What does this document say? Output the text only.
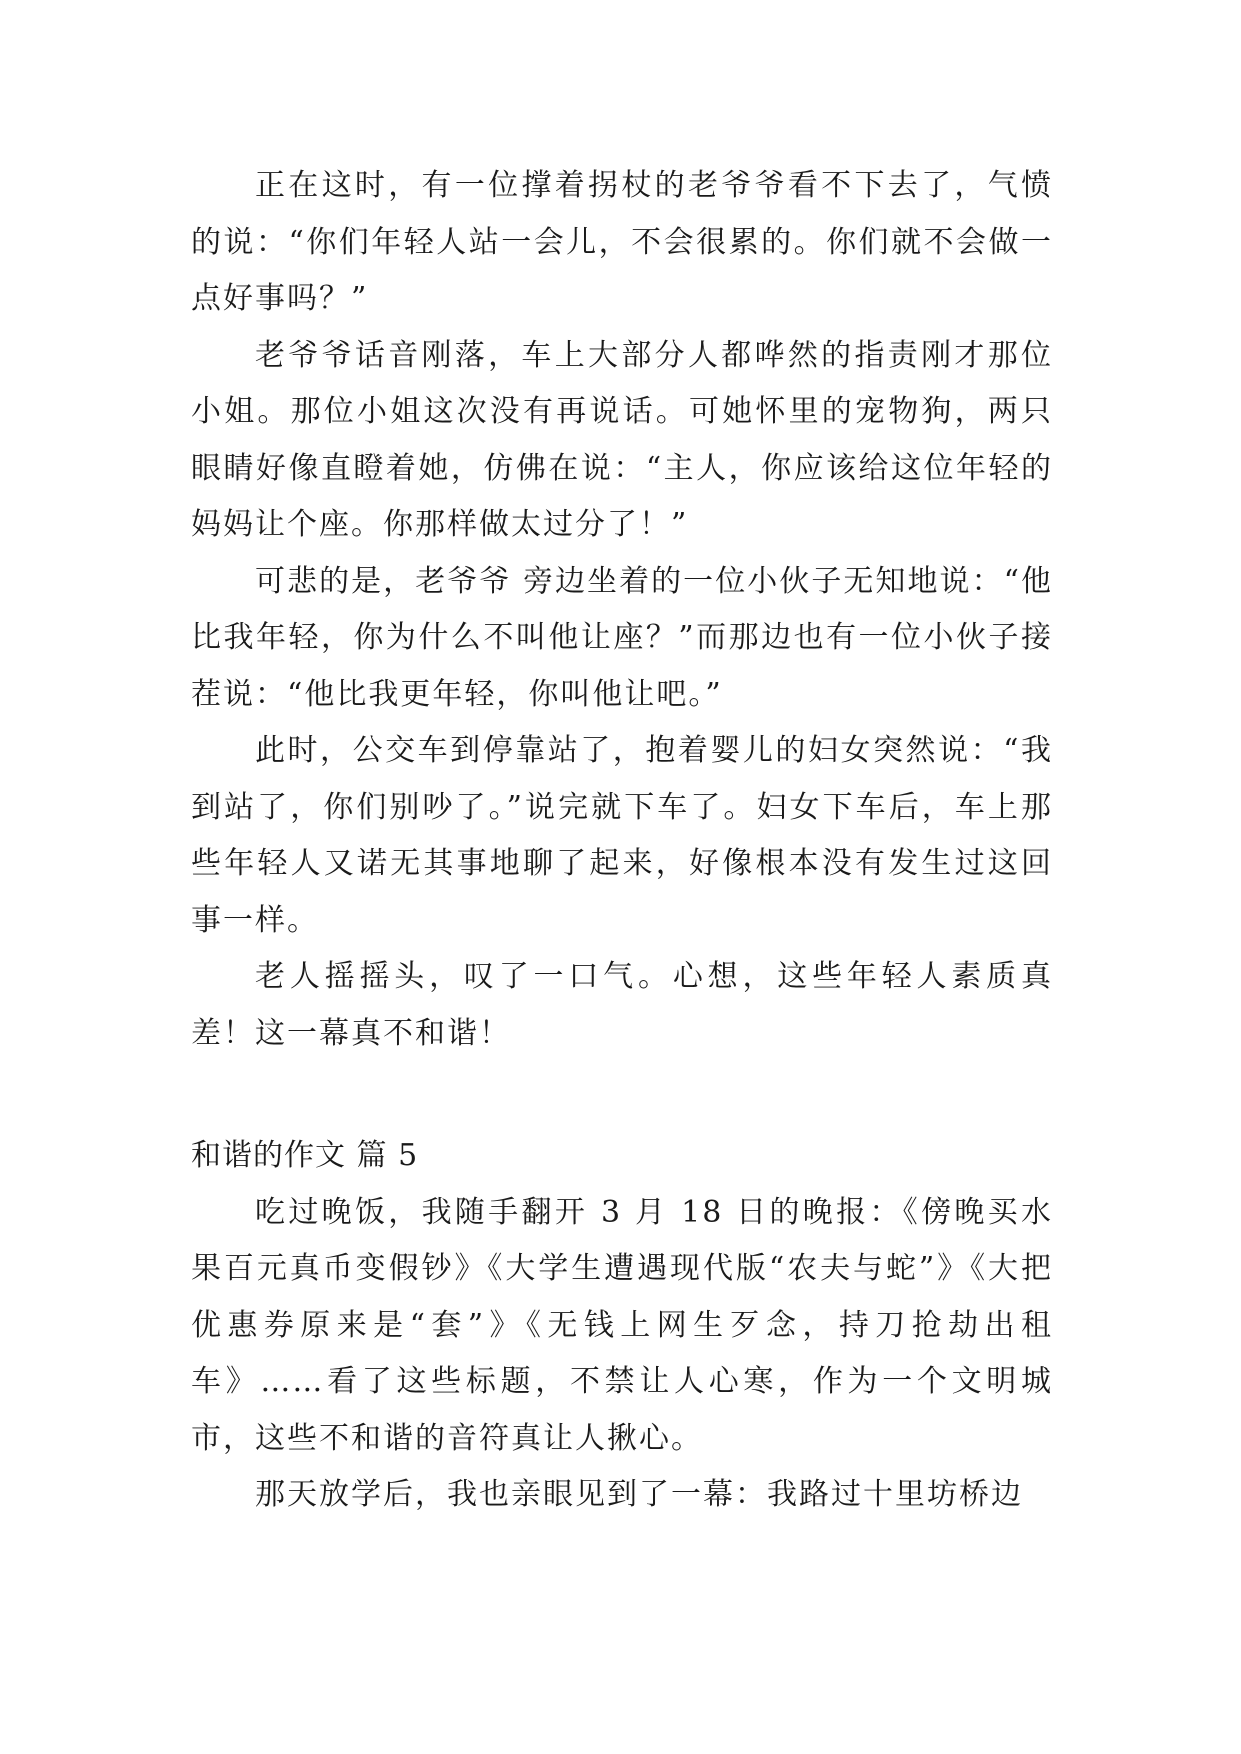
正在这时，有一位撑着拐杖的老爷爷看不下去了，气愤的说：“你们年轻人站一会儿，不会很累的。你们就不会做一点好事吗？”

老爷爷话音刚落，车上大部分人都哗然的指责刚才那位小姐。那位小姐这次没有再说话。可她怀里的宠物狗，两只眼睛好像直瞪着她，仿佛在说：“主人，你应该给这位年轻的妈妈让个座。你那样做太过分了！”

可悲的是，老爷爷 旁边坐着的一位小伙子无知地说：“他比我年轻，你为什么不叫他让座？”而那边也有一位小伙子接茬说：“他比我更年轻，你叫他让吧。”

此时，公交车到停靠站了，抱着婴儿的妇女突然说：“我到站了，你们别吵了。”说完就下车了。妇女下车后，车上那些年轻人又诺无其事地聊了起来，好像根本没有发生过这回事一样。

老人摇摇头，叹了一口气。心想，这些年轻人素质真差！这一幕真不和谐！

和谐的作文 篇 5

吃过晚饭，我随手翻开 3 月 18 日的晚报：《傍晚买水果百元真币变假钞》《大学生遭遇现代版“农夫与蛇”》《大把优惠券原来是“套”》《无钱上网生歹念，持刀抢劫出租车》……看了这些标题，不禁让人心寒，作为一个文明城市，这些不和谐的音符真让人揪心。

那天放学后，我也亲眼见到了一幕：我路过十里坊桥边
